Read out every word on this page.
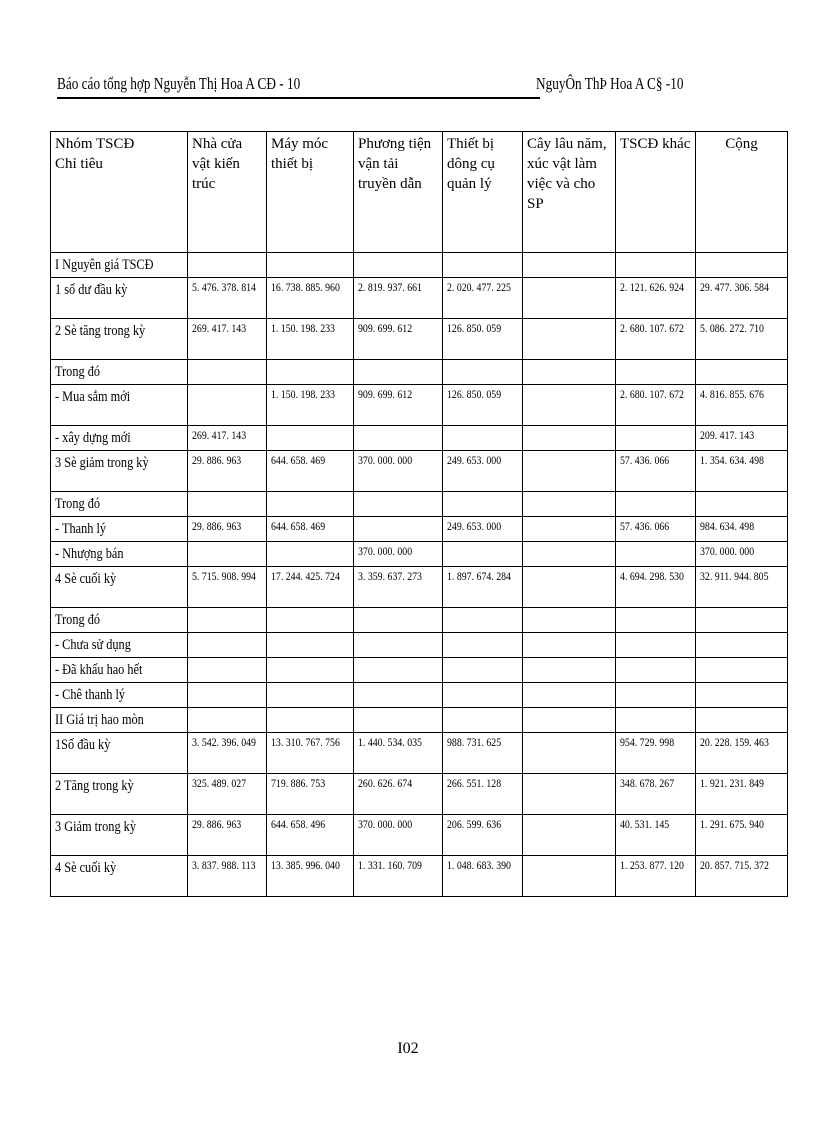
Báo cáo tổng hợp Nguyễn Thị Hoa A CĐ - 10	NguyÔn ThÞ Hoa A C§ -10
Nhóm TSCĐ
Chỉ tiêu	Nhà cửa vật kiến trúc	Máy móc thiết bị	Phương tiện vận tải truyền dẫn	Thiết bị dông cụ quản lý	Cây lâu năm, xúc vật làm việc và cho SP	TSCĐ khác	Cộng
I Nguyên giá TSCĐ	

1 số dư đầu kỳ	5. 476. 378. 814	16. 738. 885. 960	2. 819. 937. 661	2. 020. 477. 225		2. 121. 626. 924	29. 477. 306. 584

2 Sè tăng trong kỳ	269. 417. 143	1. 150. 198. 233	909. 699. 612	126. 850. 059		2. 680. 107. 672	5. 086. 272. 710

Trong đó	

- Mua sắm mới		1. 150. 198. 233	909. 699. 612	126. 850. 059		2. 680. 107. 672	4. 816. 855. 676

- xây dựng mới	269. 417. 143						209. 417. 143

3 Sè giảm trong kỳ	29. 886. 963	644. 658. 469	370. 000. 000	249. 653. 000		57. 436. 066	1. 354. 634. 498

Trong đó	

- Thanh lý	29. 886. 963	644. 658. 469		249. 653. 000		57. 436. 066	984. 634. 498

- Nhượng bán			370. 000. 000				370. 000. 000

4 Sè cuối kỳ	5. 715. 908. 994	17. 244. 425. 724	3. 359. 637. 273	1. 897. 674. 284		4. 694. 298. 530	32. 911. 944. 805

Trong đó	

- Chưa sử dụng	

- Đã khấu hao hết	

- Chê thanh lý	

II Giá trị hao mòn	

1Số đầu kỳ	3. 542. 396. 049	13. 310. 767. 756	1. 440. 534. 035	988. 731. 625		954. 729. 998	20. 228. 159. 463

2 Tăng trong kỳ	325. 489. 027	719. 886. 753	260. 626. 674	266. 551. 128		348. 678. 267	1. 921. 231. 849

3 Giảm trong kỳ	29. 886. 963	644. 658. 496	370. 000. 000	206. 599. 636		40. 531. 145	1. 291. 675. 940

4 Sè cuối kỳ	3. 837. 988. 113	13. 385. 996. 040	1. 331. 160. 709	1. 048. 683. 390		1. 253. 877. 120	20. 857. 715. 372
I02
